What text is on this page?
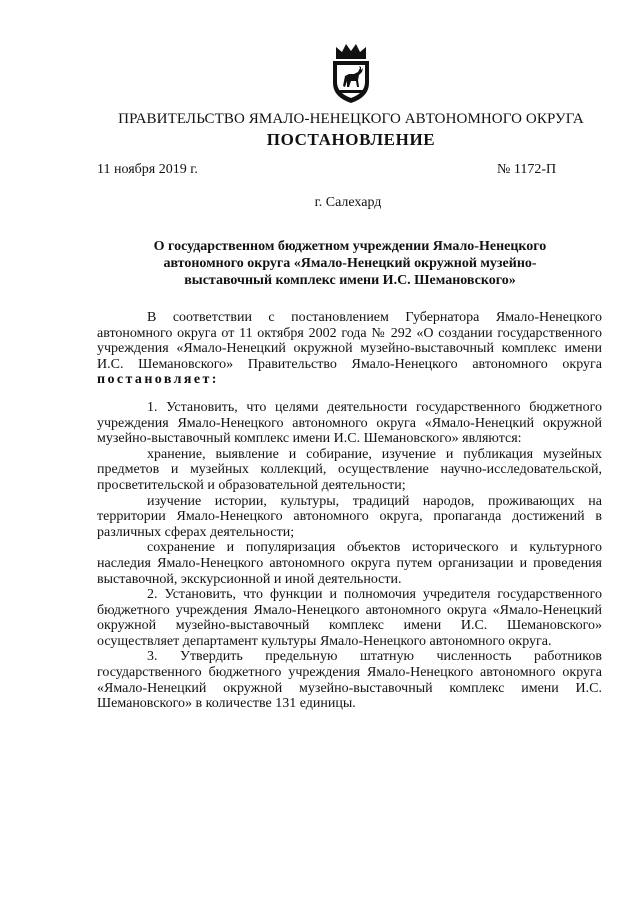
ПРАВИТЕЛЬСТВО ЯМАЛО-НЕНЕЦКОГО АВТОНОМНОГО ОКРУГА
ПОСТАНОВЛЕНИЕ
11 ноября 2019 г.	№ 1172-П
г. Салехард
О государственном бюджетном учреждении Ямало-Ненецкого автономного округа «Ямало-Ненецкий окружной музейно-выставочный комплекс имени И.С. Шемановского»

В соответствии с постановлением Губернатора Ямало-Ненецкого автономного округа от 11 октября 2002 года № 292 «О создании государственного учреждения «Ямало-Ненецкий окружной музейно-выставочный комплекс имени И.С. Шемановского» Правительство Ямало-Ненецкого автономного округа постановляет:

1. Установить, что целями деятельности государственного бюджетного учреждения Ямало-Ненецкого автономного округа «Ямало-Ненецкий окружной музейно-выставочный комплекс имени И.С. Шемановского» являются:

хранение, выявление и собирание, изучение и публикация музейных предметов и музейных коллекций, осуществление научно-исследовательской, просветительской и образовательной деятельности;

изучение истории, культуры, традиций народов, проживающих на территории Ямало-Ненецкого автономного округа, пропаганда достижений в различных сферах деятельности;

сохранение и популяризация объектов исторического и культурного наследия Ямало-Ненецкого автономного округа путем организации и проведения выставочной, экскурсионной и иной деятельности.

2. Установить, что функции и полномочия учредителя государственного бюджетного учреждения Ямало-Ненецкого автономного округа «Ямало-Ненецкий окружной музейно-выставочный комплекс имени И.С. Шемановского» осуществляет департамент культуры Ямало-Ненецкого автономного округа.

3. Утвердить предельную штатную численность работников государственного бюджетного учреждения Ямало-Ненецкого автономного округа «Ямало-Ненецкий окружной музейно-выставочный комплекс имени И.С. Шемановского» в количестве 131 единицы.
